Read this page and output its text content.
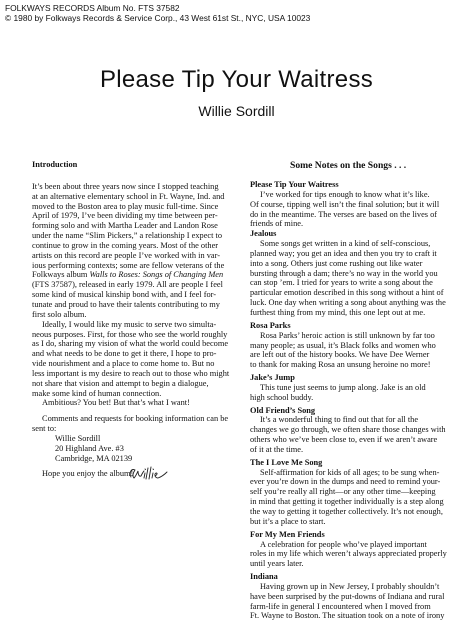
FOLKWAYS RECORDS Album No. FTS 37582
© 1980 by Folkways Records & Service Corp., 43 West 61st St., NYC, USA 10023
Please Tip Your Waitress
Willie Sordill
Introduction
It’s been about three years now since I stopped teaching
at an alternative elementary school in Ft. Wayne, Ind. and
moved to the Boston area to play music full-time. Since
April of 1979, I’ve been dividing my time between per-
forming solo and with Martha Leader and Landon Rose
under the name “Slim Pickers,” a relationship I expect to
continue to grow in the coming years. Most of the other
artists on this record are people I’ve worked with in var-
ious performing contexts; some are fellow veterans of the
Folkways album Walls to Roses: Songs of Changing Men
(FTS 37587), released in early 1979. All are people I feel
some kind of musical kinship bond with, and I feel for-
tunate and proud to have their talents contributing to my
first solo album.
Ideally, I would like my music to serve two simulta-
neous purposes. First, for those who see the world roughly
as I do, sharing my vision of what the world could become
and what needs to be done to get it there, I hope to pro-
vide nourishment and a place to come home to. But no
less important is my desire to reach out to those who might
not share that vision and attempt to begin a dialogue,
make some kind of human connection.
Ambitious? You bet! But that’s what I want!
Comments and requests for booking information can be
sent to:
Willie Sordill
20 Highland Ave. #3
Cambridge, MA 02139
Hope you enjoy the album!
Some Notes on the Songs . . .
Please Tip Your Waitress
I’ve worked for tips enough to know what it’s like.
Of course, tipping well isn’t the final solution; but it will
do in the meantime. The verses are based on the lives of
friends of mine.
Jealous
Some songs get written in a kind of self-conscious,
planned way; you get an idea and then you try to craft it
into a song. Others just come rushing out like water
bursting through a dam; there’s no way in the world you
can stop ’em. I tried for years to write a song about the
particular emotion described in this song without a hint of
luck. One day when writing a song about anything was the
furthest thing from my mind, this one lept out at me.
Rosa Parks
Rosa Parks’ heroic action is still unknown by far too
many people; as usual, it’s Black folks and women who
are left out of the history books. We have Dee Werner
to thank for making Rosa an unsung heroine no more!
Jake’s Jump
This tune just seems to jump along. Jake is an old
high school buddy.
Old Friend’s Song
It’s a wonderful thing to find out that for all the
changes we go through, we often share those changes with
others who we’ve been close to, even if we aren’t aware
of it at the time.
The I Love Me Song
Self-affirmation for kids of all ages; to be sung when-
ever you’re down in the dumps and need to remind your-
self you’re really all right—or any other time—keeping
in mind that getting it together individually is a step along
the way to getting it together collectively. It’s not enough,
but it’s a place to start.
For My Men Friends
A celebration for people who’ve played important
roles in my life which weren’t always appreciated properly
until years later.
Indiana
Having grown up in New Jersey, I probably shouldn’t
have been surprised by the put-downs of Indiana and rural
farm-life in general I encountered when I moved from
Ft. Wayne to Boston. The situation took on a note of irony
